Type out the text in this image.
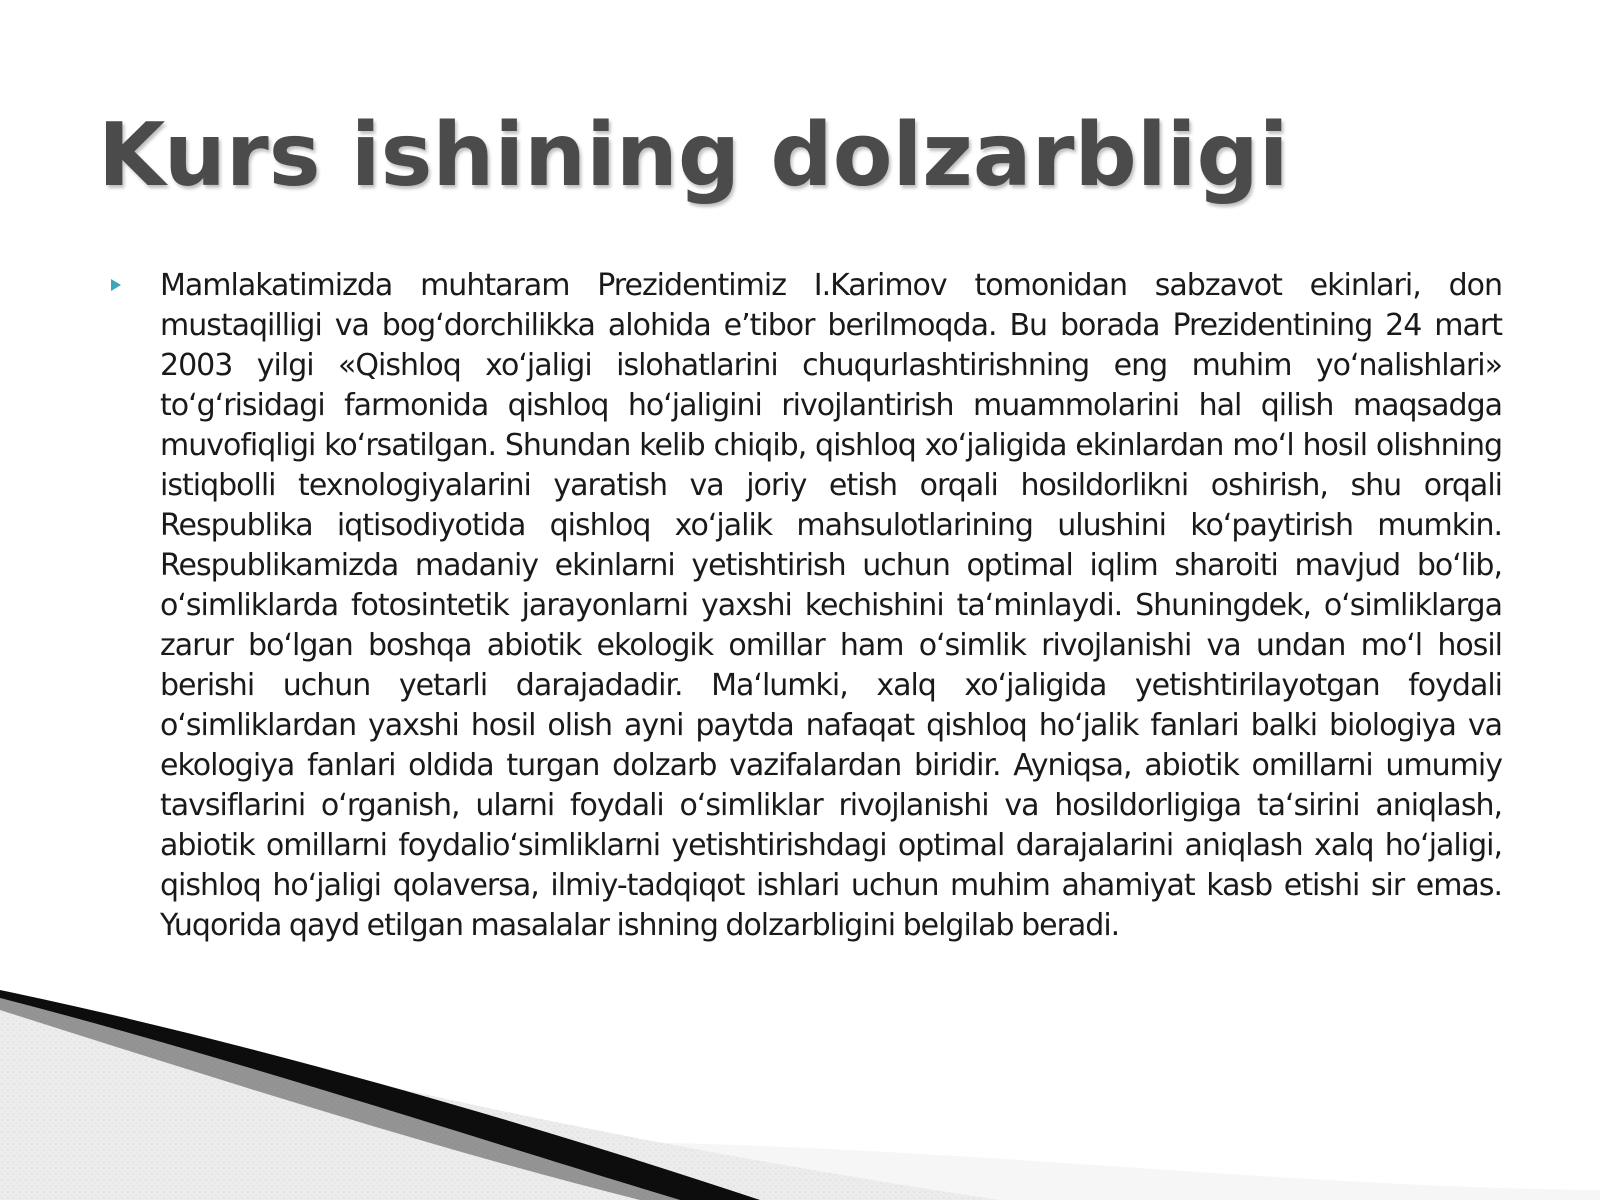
Kurs ishining dolzarbligi

Mamlakatimizda muhtaram Prezidentimiz I.Karimov tomonidan sabzavot ekinlari, don mustaqilligi va bog‘dorchilikka alohida e’tibor berilmoqda. Bu borada Prezidentining 24 mart 2003 yilgi «Qishloq xo‘jaligi islohatlarini chuqurlashtirishning eng muhim yo‘nalishlari» to‘g‘risidagi farmonida qishloq ho‘jaligini rivojlantirish muammolarini hal qilish maqsadga muvofiqligi ko‘rsatilgan. Shundan kelib chiqib, qishloq xo‘jaligida ekinlardan mo‘l hosil olishning istiqbolli texnologiyalarini yaratish va joriy etish orqali hosildorlikni oshirish, shu orqali Respublika iqtisodiyotida qishloq xo‘jalik mahsulotlarining ulushini ko‘paytirish mumkin. Respublikamizda madaniy ekinlarni yetishtirish uchun optimal iqlim sharoiti mavjud bo‘lib, o‘simliklarda fotosintetik jarayonlarni yaxshi kechishini ta‘minlaydi. Shuningdek, o‘simliklarga zarur bo‘lgan boshqa abiotik ekologik omillar ham o‘simlik rivojlanishi va undan mo‘l hosil berishi uchun yetarli darajadadir. Ma‘lumki, xalq xo‘jaligida yetishtirilayotgan foydali o‘simliklardan yaxshi hosil olish ayni paytda nafaqat qishloq ho‘jalik fanlari balki biologiya va ekologiya fanlari oldida turgan dolzarb vazifalardan biridir. Ayniqsa, abiotik omillarni umumiy tavsiflarini o‘rganish, ularni foydali o‘simliklar rivojlanishi va hosildorligiga ta‘sirini aniqlash, abiotik omillarni foydalio‘simliklarni yetishtirishdagi optimal darajalarini aniqlash xalq ho‘jaligi, qishloq ho‘jaligi qolaversa, ilmiy-tadqiqot ishlari uchun muhim ahamiyat kasb etishi sir emas. Yuqorida qayd etilgan masalalar ishning dolzarbligini belgilab beradi.
